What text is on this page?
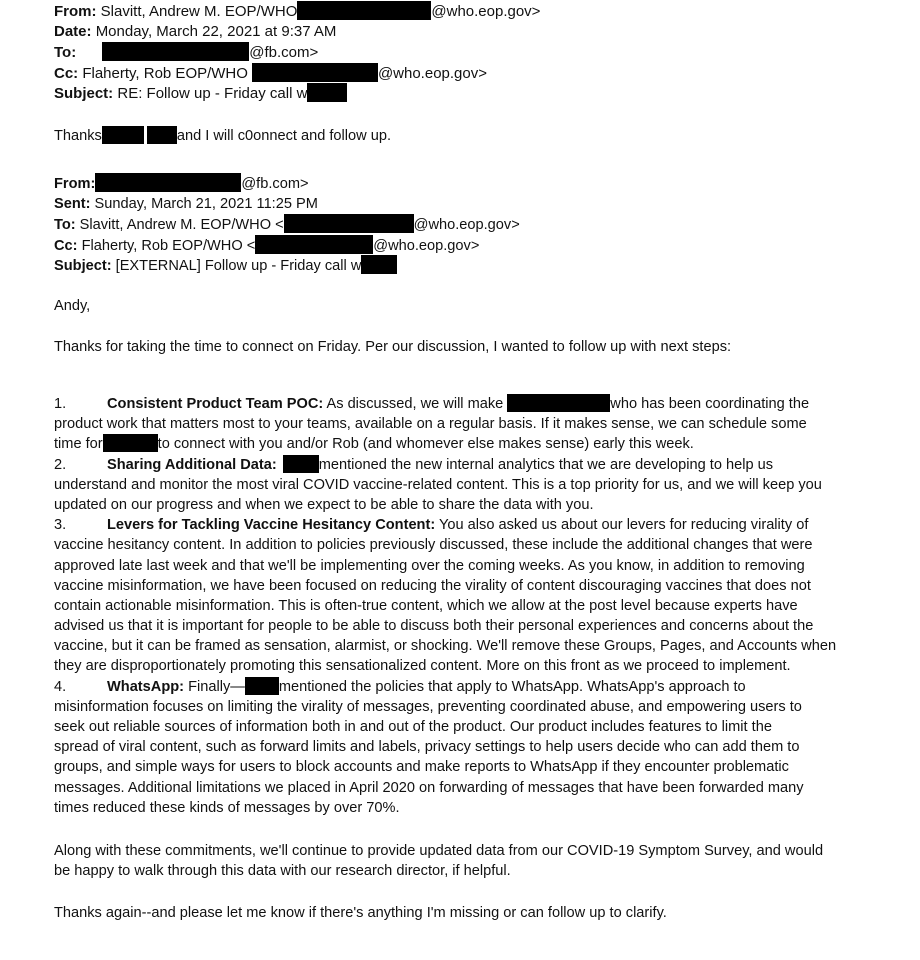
From: Slavitt, Andrew M. EOP/WHO	@who.eop.gov>
Date: Monday, March 22, 2021 at 9:37 AM
To:	@fb.com>
Cc: Flaherty, Rob EOP/WHO	@who.eop.gov>
Subject: RE: Follow up - Friday call w
Thanks	and I will c0onnect and follow up.
From:	@fb.com>
Sent: Sunday, March 21, 2021 11:25 PM
To: Slavitt, Andrew M. EOP/WHO <	@who.eop.gov>
Cc: Flaherty, Rob EOP/WHO <	@who.eop.gov>
Subject: [EXTERNAL] Follow up - Friday call w
Andy,
Thanks for taking the time to connect on Friday. Per our discussion, I wanted to follow up with next steps:
1.	Consistent Product Team POC: As discussed, we will make	who has been coordinating the
product work that matters most to your teams, available on a regular basis. If it makes sense, we can schedule some
time for	to connect with you and/or Rob (and whomever else makes sense) early this week.
2.	Sharing Additional Data:	mentioned the new internal analytics that we are developing to help us
understand and monitor the most viral COVID vaccine-related content. This is a top priority for us, and we will keep you
updated on our progress and when we expect to be able to share the data with you.
3.	Levers for Tackling Vaccine Hesitancy Content: You also asked us about our levers for reducing virality of
vaccine hesitancy content. In addition to policies previously discussed, these include the additional changes that were
approved late last week and that we'll be implementing over the coming weeks. As you know, in addition to removing
vaccine misinformation, we have been focused on reducing the virality of content discouraging vaccines that does not
contain actionable misinformation. This is often-true content, which we allow at the post level because experts have
advised us that it is important for people to be able to discuss both their personal experiences and concerns about the
vaccine, but it can be framed as sensation, alarmist, or shocking. We'll remove these Groups, Pages, and Accounts when
they are disproportionately promoting this sensationalized content. More on this front as we proceed to implement.
4.	WhatsApp: Finally— mentioned the policies that apply to WhatsApp. WhatsApp's approach to
misinformation focuses on limiting the virality of messages, preventing coordinated abuse, and empowering users to
seek out reliable sources of information both in and out of the product. Our product includes features to limit the
spread of viral content, such as forward limits and labels, privacy settings to help users decide who can add them to
groups, and simple ways for users to block accounts and make reports to WhatsApp if they encounter problematic
messages. Additional limitations we placed in April 2020 on forwarding of messages that have been forwarded many
times reduced these kinds of messages by over 70%.
Along with these commitments, we'll continue to provide updated data from our COVID-19 Symptom Survey, and would
be happy to walk through this data with our research director, if helpful.
Thanks again--and please let me know if there's anything I'm missing or can follow up to clarify.
